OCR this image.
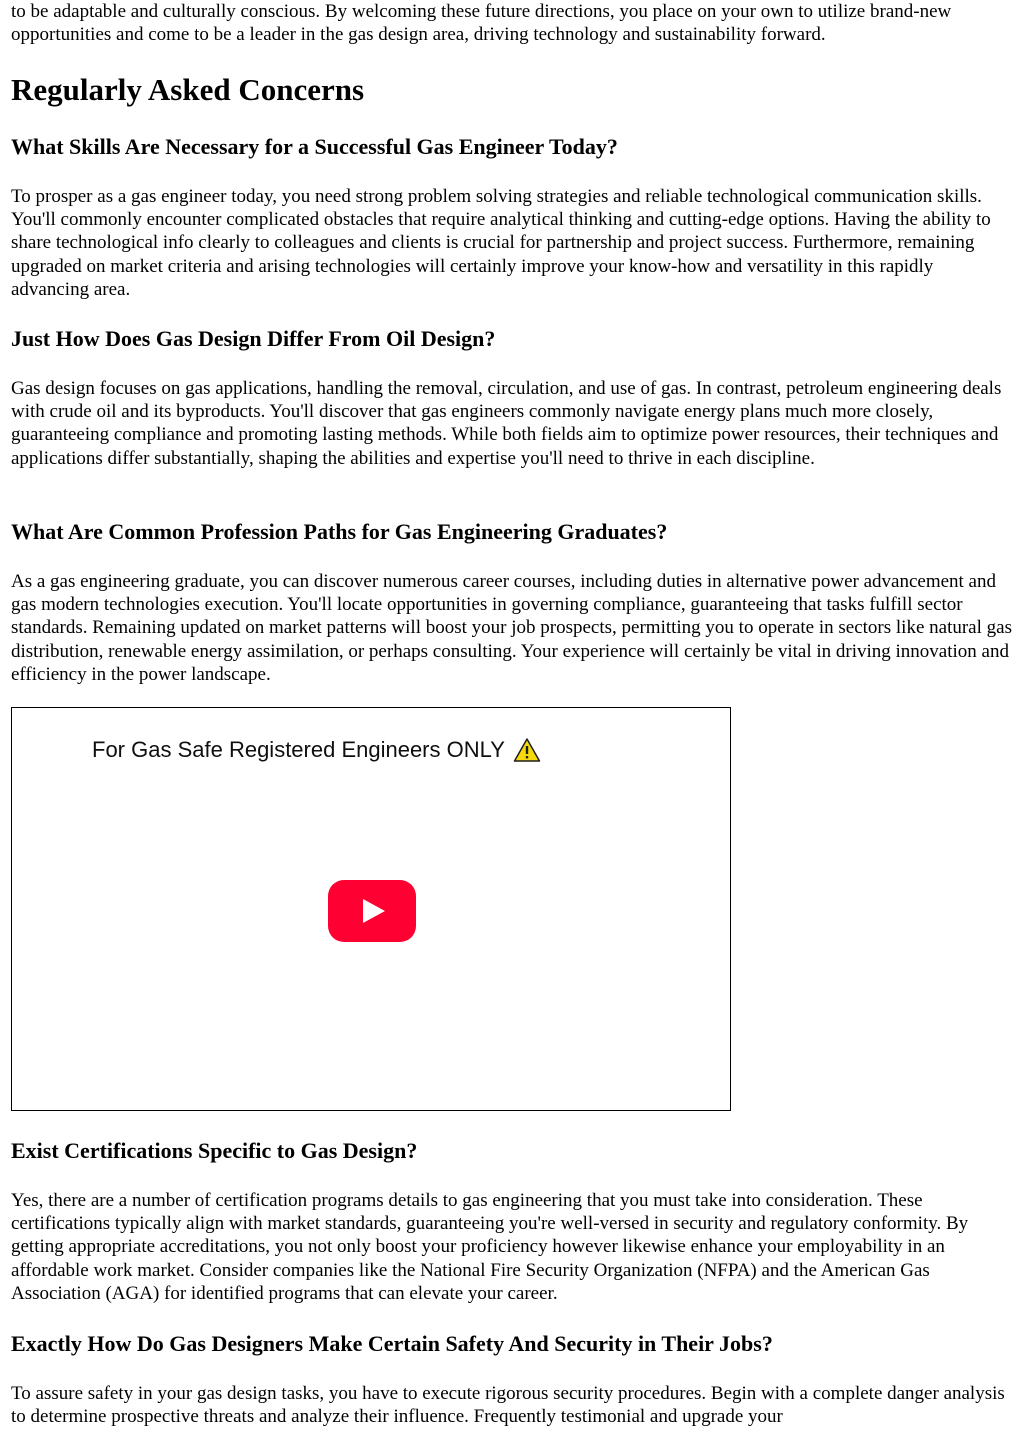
to be adaptable and culturally conscious. By welcoming these future directions, you place on your own to utilize brand-new opportunities and come to be a leader in the gas design area, driving technology and sustainability forward.

Regularly Asked Concerns
What Skills Are Necessary for a Successful Gas Engineer Today?

To prosper as a gas engineer today, you need strong problem solving strategies and reliable technological communication skills. You'll commonly encounter complicated obstacles that require analytical thinking and cutting-edge options. Having the ability to share technological info clearly to colleagues and clients is crucial for partnership and project success. Furthermore, remaining upgraded on market criteria and arising technologies will certainly improve your know-how and versatility in this rapidly advancing area.

Just How Does Gas Design Differ From Oil Design?

Gas design focuses on gas applications, handling the removal, circulation, and use of gas. In contrast, petroleum engineering deals with crude oil and its byproducts. You'll discover that gas engineers commonly navigate energy plans much more closely, guaranteeing compliance and promoting lasting methods. While both fields aim to optimize power resources, their techniques and applications differ substantially, shaping the abilities and expertise you'll need to thrive in each discipline.

What Are Common Profession Paths for Gas Engineering Graduates?

As a gas engineering graduate, you can discover numerous career courses, including duties in alternative power advancement and gas modern technologies execution. You'll locate opportunities in governing compliance, guaranteeing that tasks fulfill sector standards. Remaining updated on market patterns will boost your job prospects, permitting you to operate in sectors like natural gas distribution, renewable energy assimilation, or perhaps consulting. Your experience will certainly be vital in driving innovation and efficiency in the power landscape.

For Gas Safe Registered Engineers ONLY
Exist Certifications Specific to Gas Design?

Yes, there are a number of certification programs details to gas engineering that you must take into consideration. These certifications typically align with market standards, guaranteeing you're well-versed in security and regulatory conformity. By getting appropriate accreditations, you not only boost your proficiency however likewise enhance your employability in an affordable work market. Consider companies like the National Fire Security Organization (NFPA) and the American Gas Association (AGA) for identified programs that can elevate your career.

Exactly How Do Gas Designers Make Certain Safety And Security in Their Jobs?

To assure safety in your gas design tasks, you have to execute rigorous security procedures. Begin with a complete danger analysis to determine prospective threats and analyze their influence. Frequently testimonial and upgrade your
